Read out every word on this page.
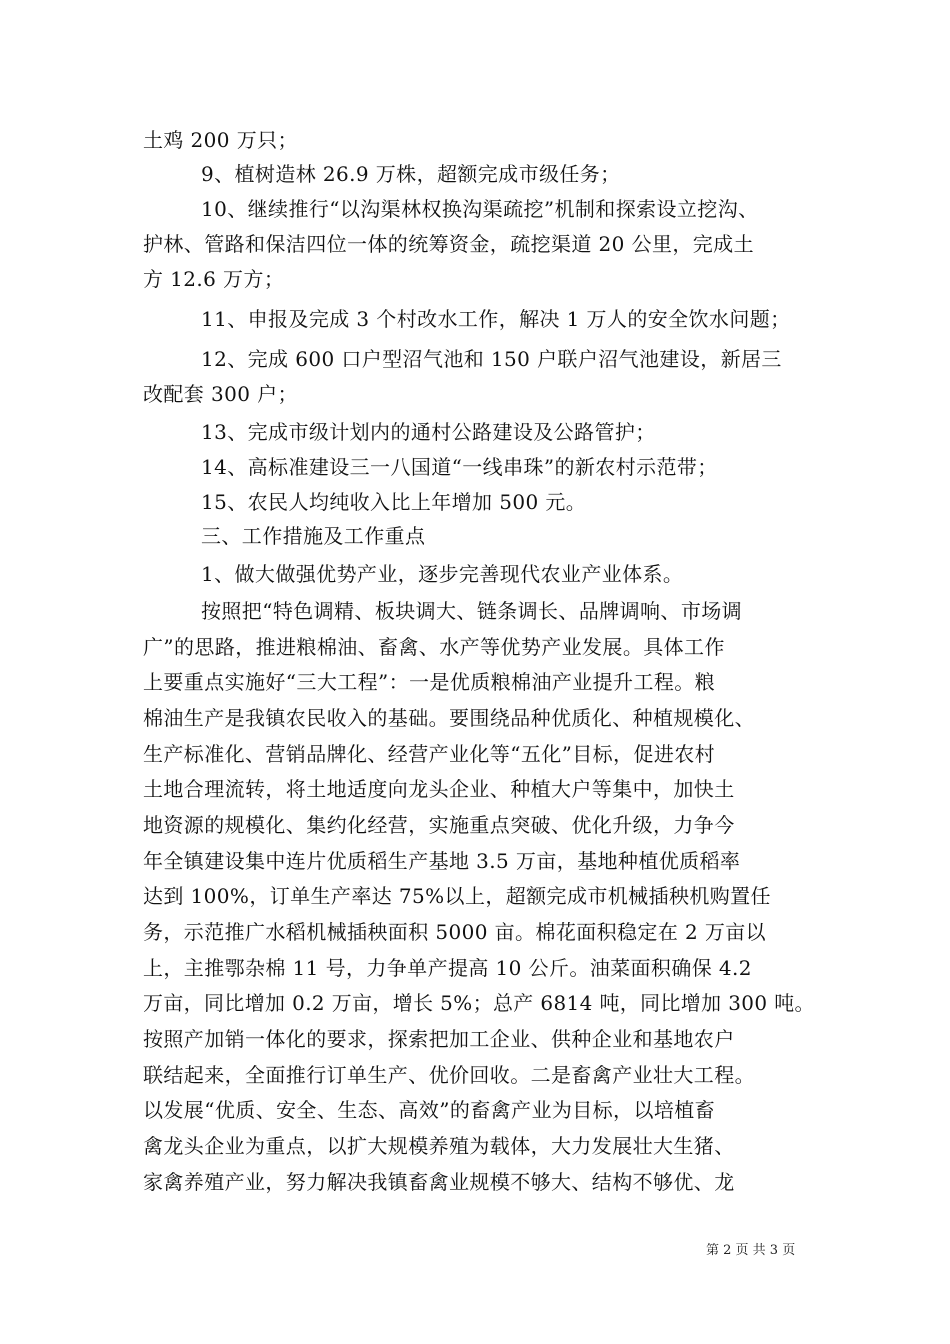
土鸡 200 万只；
9、植树造林 26.9 万株，超额完成市级任务；
10、继续推行“以沟渠林权换沟渠疏挖”机制和探索设立挖沟、
护林、管路和保洁四位一体的统筹资金，疏挖渠道 20 公里，完成土
方 12.6 万方；
11、申报及完成 3 个村改水工作，解决 1 万人的安全饮水问题；
12、完成 600 口户型沼气池和 150 户联户沼气池建设，新居三
改配套 300 户；
13、完成市级计划内的通村公路建设及公路管护；
14、高标准建设三一八国道“一线串珠”的新农村示范带；
15、农民人均纯收入比上年增加 500 元。
三、工作措施及工作重点
1、做大做强优势产业，逐步完善现代农业产业体系。
按照把“特色调精、板块调大、链条调长、品牌调响、市场调
广”的思路，推进粮棉油、畜禽、水产等优势产业发展。具体工作
上要重点实施好“三大工程”：一是优质粮棉油产业提升工程。粮
棉油生产是我镇农民收入的基础。要围绕品种优质化、种植规模化、
生产标准化、营销品牌化、经营产业化等“五化”目标，促进农村
土地合理流转，将土地适度向龙头企业、种植大户等集中，加快土
地资源的规模化、集约化经营，实施重点突破、优化升级，力争今
年全镇建设集中连片优质稻生产基地 3.5 万亩，基地种植优质稻率
达到 100%，订单生产率达 75%以上，超额完成市机械插秧机购置任
务，示范推广水稻机械插秧面积 5000 亩。棉花面积稳定在 2 万亩以
上，主推鄂杂棉 11 号，力争单产提高 10 公斤。油菜面积确保 4.2
万亩，同比增加 0.2 万亩，增长 5%；总产 6814 吨，同比增加 300 吨。
按照产加销一体化的要求，探索把加工企业、供种企业和基地农户
联结起来，全面推行订单生产、优价回收。二是畜禽产业壮大工程。
以发展“优质、安全、生态、高效”的畜禽产业为目标，以培植畜
禽龙头企业为重点，以扩大规模养殖为载体，大力发展壮大生猪、
家禽养殖产业，努力解决我镇畜禽业规模不够大、结构不够优、龙
第 2 页 共 3 页
